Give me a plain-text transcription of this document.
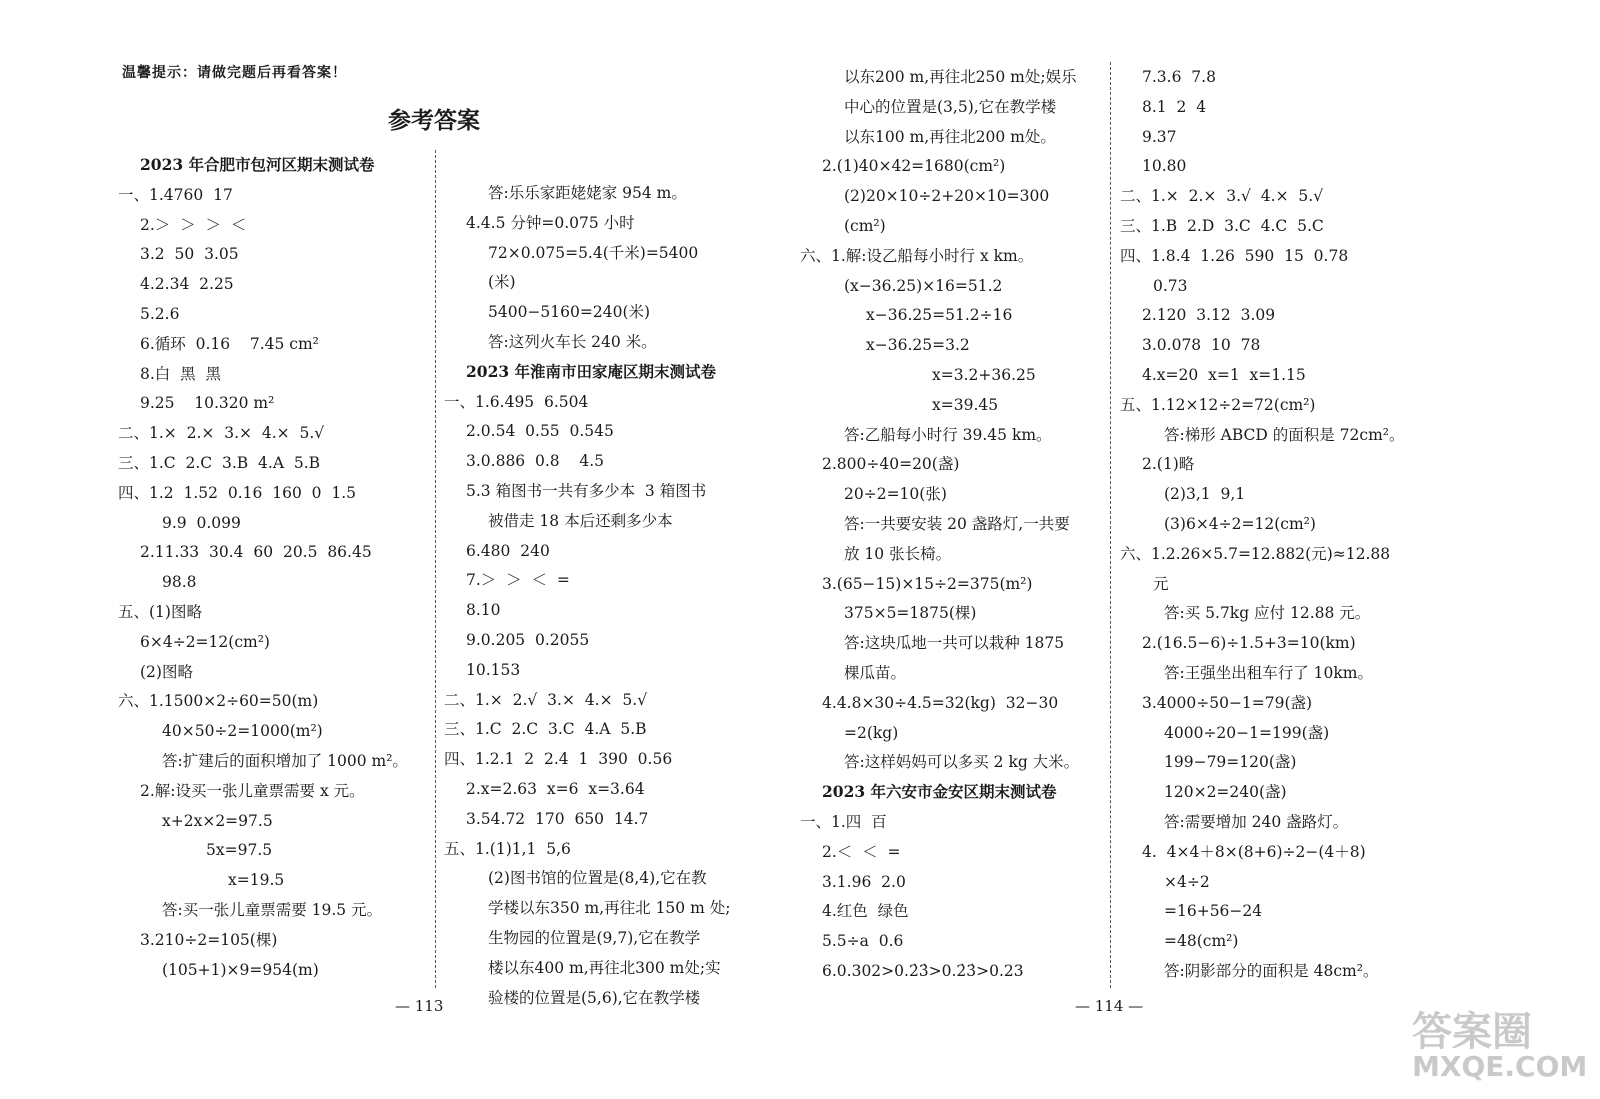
温馨提示：请做完题后再看答案！
参考答案
2023 年合肥市包河区期末测试卷
一、1.4760  17
2.＞  ＞  ＞  ＜
3.2  50  3.05
4.2.34  2.25
5.2.6
6.循环  0.16    7.45 cm²
8.白  黑  黑
9.25    10.320 m²
二、1.×  2.×  3.×  4.×  5.√
三、1.C  2.C  3.B  4.A  5.B
四、1.2  1.52  0.16  160  0  1.5
9.9  0.099
2.11.33  30.4  60  20.5  86.45
98.8
五、(1)图略
6×4÷2=12(cm²)
(2)图略
六、1.1500×2÷60=50(m)
40×50÷2=1000(m²)
答:扩建后的面积增加了 1000 m²。
2.解:设买一张儿童票需要 x 元。
x+2x×2=97.5
5x=97.5
x=19.5
答:买一张儿童票需要 19.5 元。
3.210÷2=105(棵)
(105+1)×9=954(m)
答:乐乐家距姥姥家 954 m。
4.4.5 分钟=0.075 小时
72×0.075=5.4(千米)=5400
(米)
5400−5160=240(米)
答:这列火车长 240 米。
2023 年淮南市田家庵区期末测试卷
一、1.6.495  6.504
2.0.54  0.55  0.545
3.0.886  0.8    4.5
5.3 箱图书一共有多少本  3 箱图书
被借走 18 本后还剩多少本
6.480  240
7.＞  ＞  ＜  =
8.10
9.0.205  0.2055
10.153
二、1.×  2.√  3.×  4.×  5.√
三、1.C  2.C  3.C  4.A  5.B
四、1.2.1  2  2.4  1  390  0.56
2.x=2.63  x=6  x=3.64
3.54.72  170  650  14.7
五、1.(1)1,1  5,6
(2)图书馆的位置是(8,4),它在教
学楼以东350 m,再往北 150 m 处;
生物园的位置是(9,7),它在教学
楼以东400 m,再往北300 m处;实
验楼的位置是(5,6),它在教学楼
— 113
以东200 m,再往北250 m处;娱乐
中心的位置是(3,5),它在教学楼
以东100 m,再往北200 m处。
2.(1)40×42=1680(cm²)
(2)20×10÷2+20×10=300
(cm²)
六、1.解:设乙船每小时行 x km。
(x−36.25)×16=51.2
x−36.25=51.2÷16
x−36.25=3.2
x=3.2+36.25
x=39.45
答:乙船每小时行 39.45 km。
2.800÷40=20(盏)
20÷2=10(张)
答:一共要安装 20 盏路灯,一共要
放 10 张长椅。
3.(65−15)×15÷2=375(m²)
375×5=1875(棵)
答:这块瓜地一共可以栽种 1875
棵瓜苗。
4.4.8×30÷4.5=32(kg)  32−30
=2(kg)
答:这样妈妈可以多买 2 kg 大米。
2023 年六安市金安区期末测试卷
一、1.四  百
2.＜  ＜  =
3.1.96  2.0
4.红色  绿色
5.5÷a  0.6
6.0.302>0.2̇3̇>0.2̇3̇>0.23
7.3.6  7.8
8.1  2  4
9.37
10.80
二、1.×  2.×  3.√  4.×  5.√
三、1.B  2.D  3.C  4.C  5.C
四、1.8.4  1.26  590  15  0.78
0.73
2.120  3.12  3.09
3.0.078  10  78
4.x=20  x=1  x=1.15
五、1.12×12÷2=72(cm²)
答:梯形 ABCD 的面积是 72cm²。
2.(1)略
(2)3,1  9,1
(3)6×4÷2=12(cm²)
六、1.2.26×5.7=12.882(元)≈12.88
元
答:买 5.7kg 应付 12.88 元。
2.(16.5−6)÷1.5+3=10(km)
答:王强坐出租车行了 10km。
3.4000÷50−1=79(盏)
4000÷20−1=199(盏)
199−79=120(盏)
120×2=240(盏)
答:需要增加 240 盏路灯。
4.  4×4＋8×(8+6)÷2−(4＋8)
×4÷2
=16+56−24
=48(cm²)
答:阴影部分的面积是 48cm²。
— 114 —
答案圈
MXQE.COM
